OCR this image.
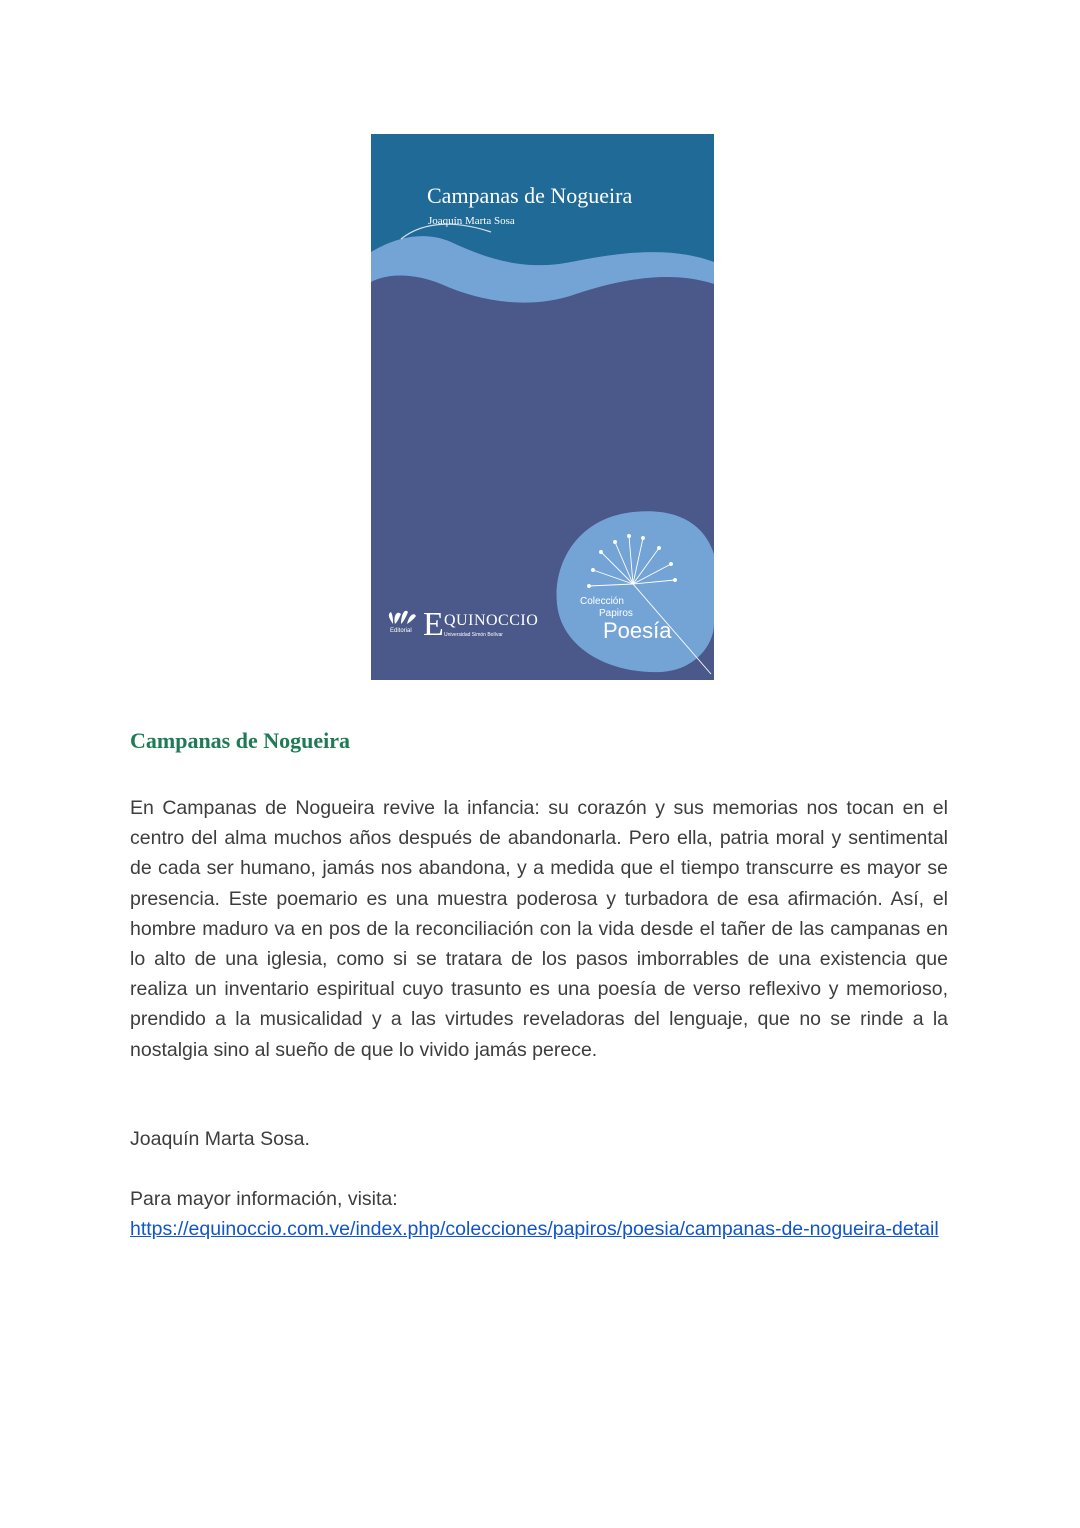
Campanas de Nogueira
Joaquín Marta Sosa
Editorial E QUINOCCIO
Universidad Simón Bolívar
Colección
Papiros
Poesía
Campanas de Nogueira

En Campanas de Nogueira revive la infancia: su corazón y sus memorias nos tocan en el centro del alma muchos años después de abandonarla. Pero ella, patria moral y sentimental de cada ser humano, jamás nos abandona, y a medida que el tiempo transcurre es mayor se presencia. Este poemario es una muestra poderosa y turbadora de esa afirmación. Así, el hombre maduro va en pos de la reconciliación con la vida desde el tañer de las campanas en lo alto de una iglesia, como si se tratara de los pasos imborrables de una existencia que realiza un inventario espiritual cuyo trasunto es una poesía de verso reflexivo y memorioso, prendido a la musicalidad y a las virtudes reveladoras del lenguaje, que no se rinde a la nostalgia sino al sueño de que lo vivido jamás perece.

Joaquín Marta Sosa.

Para mayor información, visita:
https://equinoccio.com.ve/index.php/colecciones/papiros/poesia/campanas-de-nogueira-detail
